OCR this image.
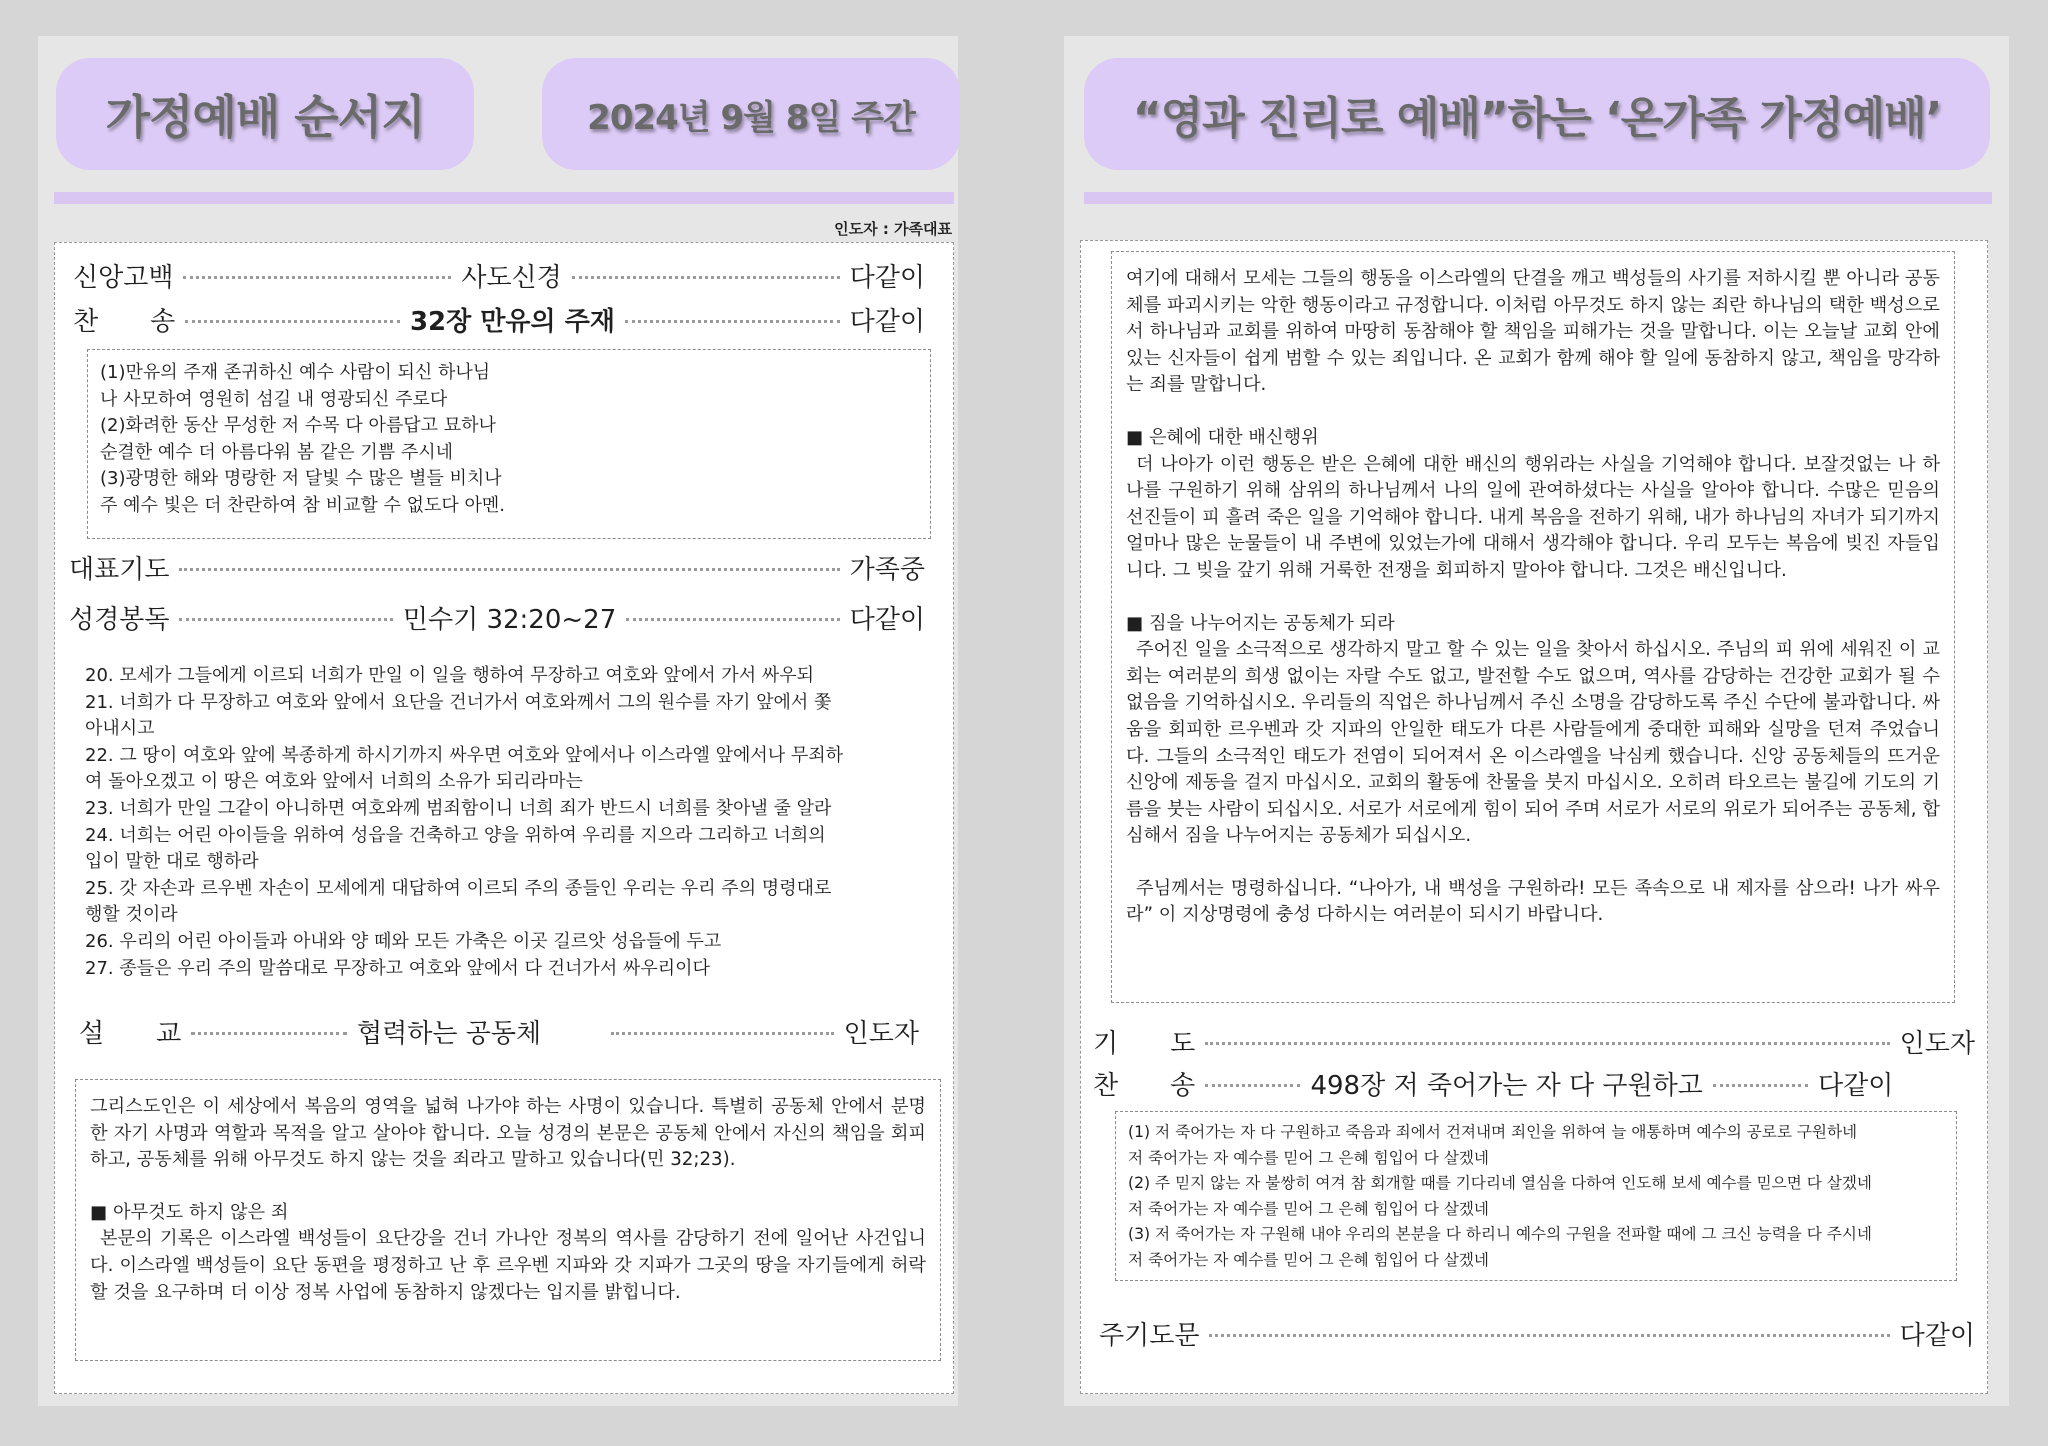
가정예배 순서지	2024년 9월 8일 주간
인도자 : 가족대표
신앙고백	사도신경	다같이
찬　　송	32장 만유의 주재	다같이
(1)만유의 주재 존귀하신 예수 사람이 되신 하나님
나 사모하여 영원히 섬길 내 영광되신 주로다
(2)화려한 동산 무성한 저 수목 다 아름답고 묘하나
순결한 예수 더 아름다워 봄 같은 기쁨 주시네
(3)광명한 해와 명랑한 저 달빛 수 많은 별들 비치나
주 예수 빛은 더 찬란하여 참 비교할 수 없도다 아멘.
대표기도	가족중
성경봉독	민수기 32:20~27	다같이
20. 모세가 그들에게 이르되 너희가 만일 이 일을 행하여 무장하고 여호와 앞에서 가서 싸우되
21. 너희가 다 무장하고 여호와 앞에서 요단을 건너가서 여호와께서 그의 원수를 자기 앞에서 쫓
아내시고
22. 그 땅이 여호와 앞에 복종하게 하시기까지 싸우면 여호와 앞에서나 이스라엘 앞에서나 무죄하
여 돌아오겠고 이 땅은 여호와 앞에서 너희의 소유가 되리라마는
23. 너희가 만일 그같이 아니하면 여호와께 범죄함이니 너희 죄가 반드시 너희를 찾아낼 줄 알라
24. 너희는 어린 아이들을 위하여 성읍을 건축하고 양을 위하여 우리를 지으라 그리하고 너희의
입이 말한 대로 행하라
25. 갓 자손과 르우벤 자손이 모세에게 대답하여 이르되 주의 종들인 우리는 우리 주의 명령대로
행할 것이라
26. 우리의 어린 아이들과 아내와 양 떼와 모든 가축은 이곳 길르앗 성읍들에 두고
27. 종들은 우리 주의 말씀대로 무장하고 여호와 앞에서 다 건너가서 싸우리이다
설　　교	협력하는 공동체	인도자

그리스도인은 이 세상에서 복음의 영역을 넓혀 나가야 하는 사명이 있습니다. 특별히 공동체 안에서 분명한 자기 사명과 역할과 목적을 알고 살아야 합니다. 오늘 성경의 본문은 공동체 안에서 자신의 책임을 회피하고, 공동체를 위해 아무것도 하지 않는 것을 죄라고 말하고 있습니다(민 32;23).

■ 아무것도 하지 않은 죄

본문의 기록은 이스라엘 백성들이 요단강을 건너 가나안 정복의 역사를 감당하기 전에 일어난 사건입니다. 이스라엘 백성들이 요단 동편을 평정하고 난 후 르우벤 지파와 갓 지파가 그곳의 땅을 자기들에게 허락할 것을 요구하며 더 이상 정복 사업에 동참하지 않겠다는 입지를 밝힙니다.

“영과 진리로 예배”하는 ‘온가족 가정예배’

여기에 대해서 모세는 그들의 행동을 이스라엘의 단결을 깨고 백성들의 사기를 저하시킬 뿐 아니라 공동체를 파괴시키는 악한 행동이라고 규정합니다. 이처럼 아무것도 하지 않는 죄란 하나님의 택한 백성으로서 하나님과 교회를 위하여 마땅히 동참해야 할 책임을 피해가는 것을 말합니다. 이는 오늘날 교회 안에 있는 신자들이 쉽게 범할 수 있는 죄입니다. 온 교회가 함께 해야 할 일에 동참하지 않고, 책임을 망각하는 죄를 말합니다.

■ 은혜에 대한 배신행위

더 나아가 이런 행동은 받은 은혜에 대한 배신의 행위라는 사실을 기억해야 합니다. 보잘것없는 나 하나를 구원하기 위해 삼위의 하나님께서 나의 일에 관여하셨다는 사실을 알아야 합니다. 수많은 믿음의 선진들이 피 흘려 죽은 일을 기억해야 합니다. 내게 복음을 전하기 위해, 내가 하나님의 자녀가 되기까지 얼마나 많은 눈물들이 내 주변에 있었는가에 대해서 생각해야 합니다. 우리 모두는 복음에 빚진 자들입니다. 그 빚을 갚기 위해 거룩한 전쟁을 회피하지 말아야 합니다. 그것은 배신입니다.

■ 짐을 나누어지는 공동체가 되라

주어진 일을 소극적으로 생각하지 말고 할 수 있는 일을 찾아서 하십시오. 주님의 피 위에 세워진 이 교회는 여러분의 희생 없이는 자랄 수도 없고, 발전할 수도 없으며, 역사를 감당하는 건강한 교회가 될 수 없음을 기억하십시오. 우리들의 직업은 하나님께서 주신 소명을 감당하도록 주신 수단에 불과합니다. 싸움을 회피한 르우벤과 갓 지파의 안일한 태도가 다른 사람들에게 중대한 피해와 실망을 던져 주었습니다. 그들의 소극적인 태도가 전염이 되어져서 온 이스라엘을 낙심케 했습니다. 신앙 공동체들의 뜨거운 신앙에 제동을 걸지 마십시오. 교회의 활동에 찬물을 붓지 마십시오. 오히려 타오르는 불길에 기도의 기름을 붓는 사람이 되십시오. 서로가 서로에게 힘이 되어 주며 서로가 서로의 위로가 되어주는 공동체, 합심해서 짐을 나누어지는 공동체가 되십시오.

주님께서는 명령하십니다. “나아가, 내 백성을 구원하라! 모든 족속으로 내 제자를 삼으라! 나가 싸우라” 이 지상명령에 충성 다하시는 여러분이 되시기 바랍니다.

기　　도	인도자
찬　　송	498장 저 죽어가는 자 다 구원하고	다같이
(1) 저 죽어가는 자 다 구원하고 죽음과 죄에서 건져내며 죄인을 위하여 늘 애통하며 예수의 공로로 구원하네
저 죽어가는 자 예수를 믿어 그 은혜 힘입어 다 살겠네
(2) 주 믿지 않는 자 불쌍히 여겨 참 회개할 때를 기다리네 열심을 다하여 인도해 보세 예수를 믿으면 다 살겠네
저 죽어가는 자 예수를 믿어 그 은혜 힘입어 다 살겠네
(3) 저 죽어가는 자 구원해 내야 우리의 본분을 다 하리니 예수의 구원을 전파할 때에 그 크신 능력을 다 주시네
저 죽어가는 자 예수를 믿어 그 은혜 힘입어 다 살겠네
주기도문	다같이
